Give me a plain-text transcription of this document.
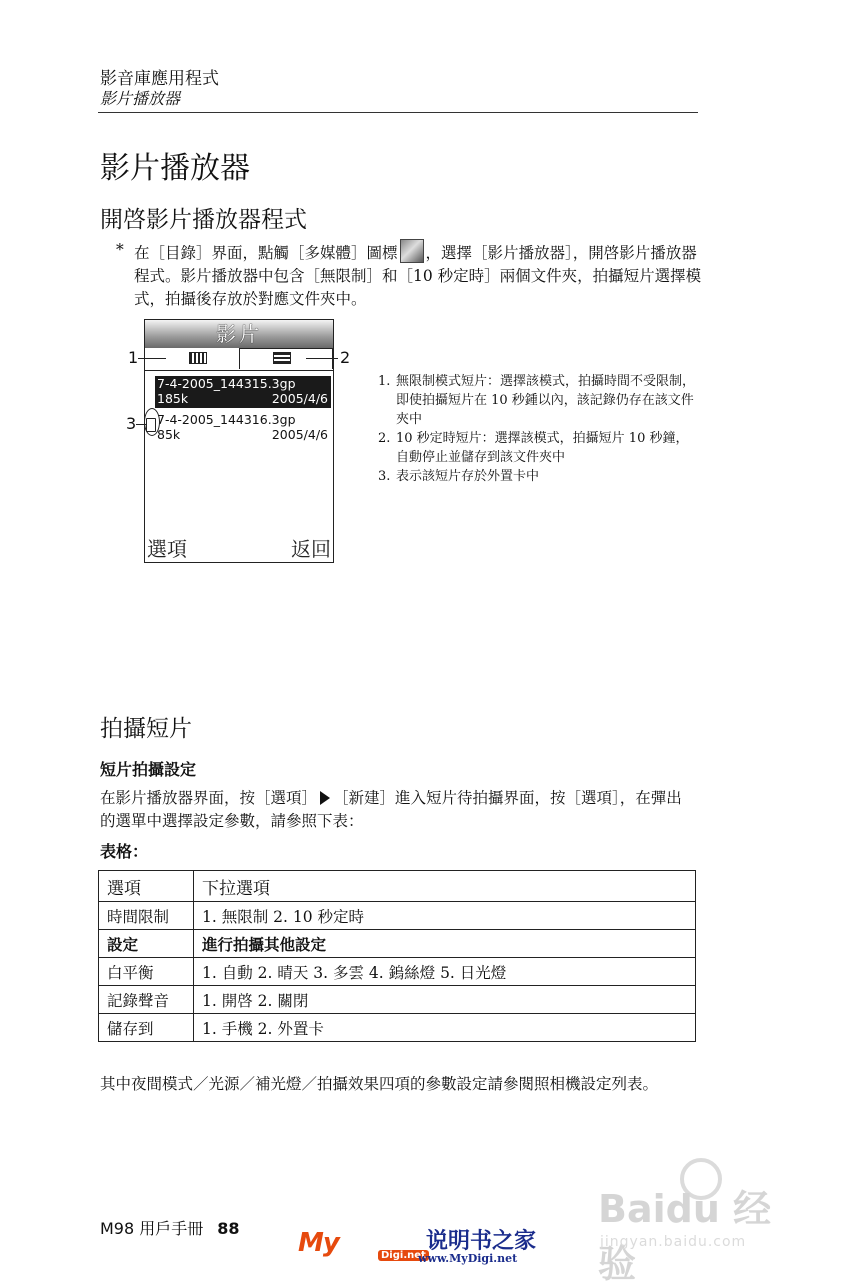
影音庫應用程式
影片播放器
影片播放器
開啓影片播放器程式
* 在［目錄］界面，點觸［多媒體］圖標 ，選擇［影片播放器］，開啓影片播放器程式。影片播放器中包含［無限制］和［10 秒定時］兩個文件夾，拍攝短片選擇模式，拍攝後存放於對應文件夾中。
影片
7-4-2005_144315.3gp
185k	2005/4/6
7-4-2005_144316.3gp
85k	2005/4/6
選項	返回
1	2
3
1. 無限制模式短片：選擇該模式，拍攝時間不受限制，即使拍攝短片在 10 秒鍾以內，該記錄仍存在該文件夾中
2. 10 秒定時短片：選擇該模式，拍攝短片 10 秒鐘，自動停止並儲存到該文件夾中
3. 表示該短片存於外置卡中
拍攝短片
短片拍攝設定
在影片播放器界面，按［選項］ ［新建］進入短片待拍攝界面，按［選項］，在彈出的選單中選擇設定參數，請參照下表：
表格：
選項	下拉選項
時間限制	1. 無限制 2. 10 秒定時
設定	進行拍攝其他設定
白平衡	1. 自動 2. 晴天 3. 多雲 4. 鎢絲燈 5. 日光燈
記錄聲音	1. 開啓 2. 關閉
儲存到	1. 手機 2. 外置卡
其中夜間模式／光源／補光燈／拍攝效果四項的參數設定請參閱照相機設定列表。
Baidu 经验
jingyan.baidu.com
M98 用戶手冊 88 My	Digi.net
说明书之家
www.MyDigi.net
